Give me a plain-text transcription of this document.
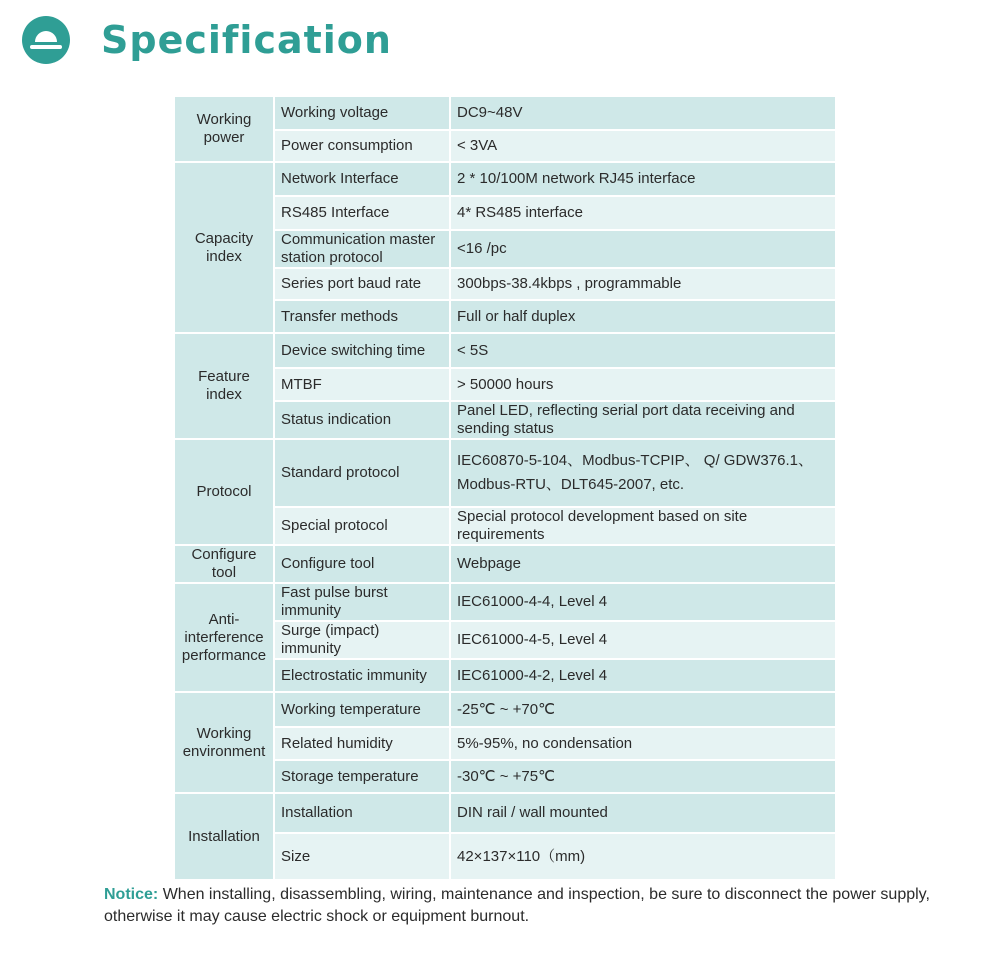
Specification
Working power	Working voltage	DC9~48V
	Power consumption	< 3VA
Capacity index	Network Interface	2 * 10/100M network RJ45 interface
	RS485 Interface	4* RS485 interface
	Communication master station protocol	<16 /pc
	Series port baud rate	300bps-38.4kbps , programmable
	Transfer methods	Full or half duplex
Feature index	Device switching time	< 5S
	MTBF	> 50000 hours
	Status indication	Panel LED, reflecting serial port data receiving and sending status
Protocol	Standard protocol	IEC60870-5-104、Modbus-TCPIP、 Q/ GDW376.1、Modbus-RTU、DLT645-2007, etc.
	Special protocol	Special protocol development based on site requirements
Configure tool	Configure tool	Webpage
Anti-interference performance	Fast pulse burst immunity	IEC61000-4-4, Level 4
	Surge (impact) immunity	IEC61000-4-5, Level 4
	Electrostatic immunity	IEC61000-4-2, Level 4
Working environment	Working temperature	-25℃ ~ +70℃
	Related humidity	5%-95%, no condensation
	Storage temperature	-30℃ ~ +75℃
Installation	Installation	DIN rail / wall mounted
	Size	42×137×110（mm)
Notice: When installing, disassembling, wiring, maintenance and inspection, be sure to disconnect the power supply, otherwise it may cause electric shock or equipment burnout.
